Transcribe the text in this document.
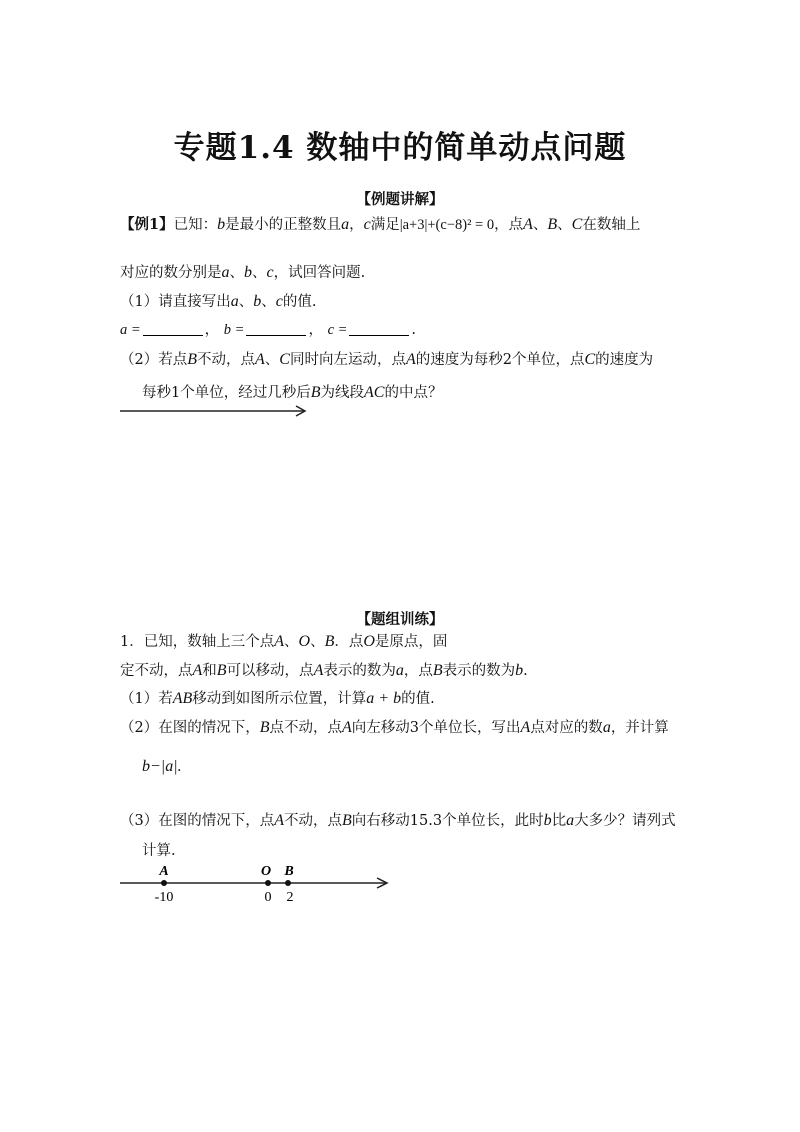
专题1.4 数轴中的简单动点问题
【例题讲解】
【例1】已知：b是最小的正整数且a，c满足|a+3|+(c−8)² = 0，点A、B、C在数轴上
对应的数分别是a、b、c，试回答问题.
（1）请直接写出a、b、c的值.
a =	， b =	， c =	.
（2）若点B不动，点A、C同时向左运动，点A的速度为每秒2个单位，点C的速度为
每秒1个单位，经过几秒后B为线段AC的中点？
【题组训练】
1．已知，数轴上三个点A、O、B．点O是原点，固
定不动，点A和B可以移动，点A表示的数为a，点B表示的数为b.
（1）若AB移动到如图所示位置，计算a + b的值.
（2）在图的情况下，B点不动，点A向左移动3个单位长，写出A点对应的数a，并计算
b−|a|.
（3）在图的情况下，点A不动，点B向右移动15.3个单位长，此时b比a大多少？请列式
计算.
A
-10
O
0
B
2
